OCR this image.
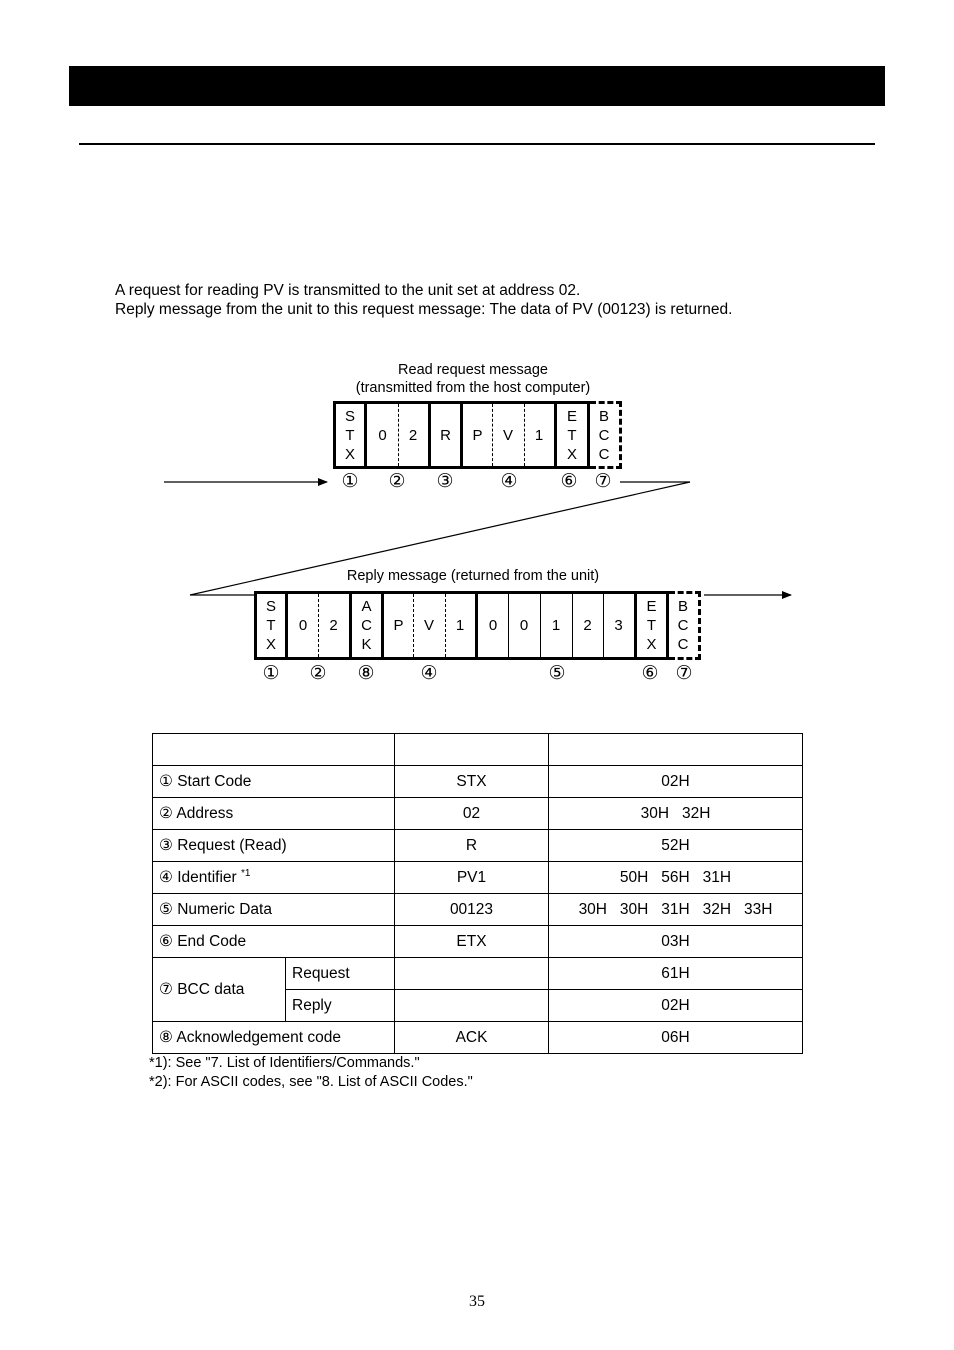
A request for reading PV is transmitted to the unit set at address 02.
Reply message from the unit to this request message: The data of PV (00123) is returned.
Read request message
(transmitted from the host computer)
S
T
X
0	2	R	P	V	1
E
T
X
B
C
C
① ② ③ ④ ⑥ ⑦
Reply message (returned from the unit)
S
T
X
0	2
A
C
K
P	V	1	0	0	1	2	3
E
T
X
B
C
C
① ② ⑧ ④	⑤	⑥ ⑦

① Start Code		STX	02H
② Address		02	30H   32H
③ Request (Read)		R	52H
④ Identifier $^{*1}$		PV1	50H   56H   31H
⑤ Numeric Data		00123	30H   30H   31H   32H   33H
⑥ End Code		ETX	03H
⑦ BCC data	Request		61H
	Reply		02H
⑧ Acknowledgement code		ACK	06H
*1): See "7. List of Identifiers/Commands."
*2): For ASCII codes, see "8. List of ASCII Codes."
35
